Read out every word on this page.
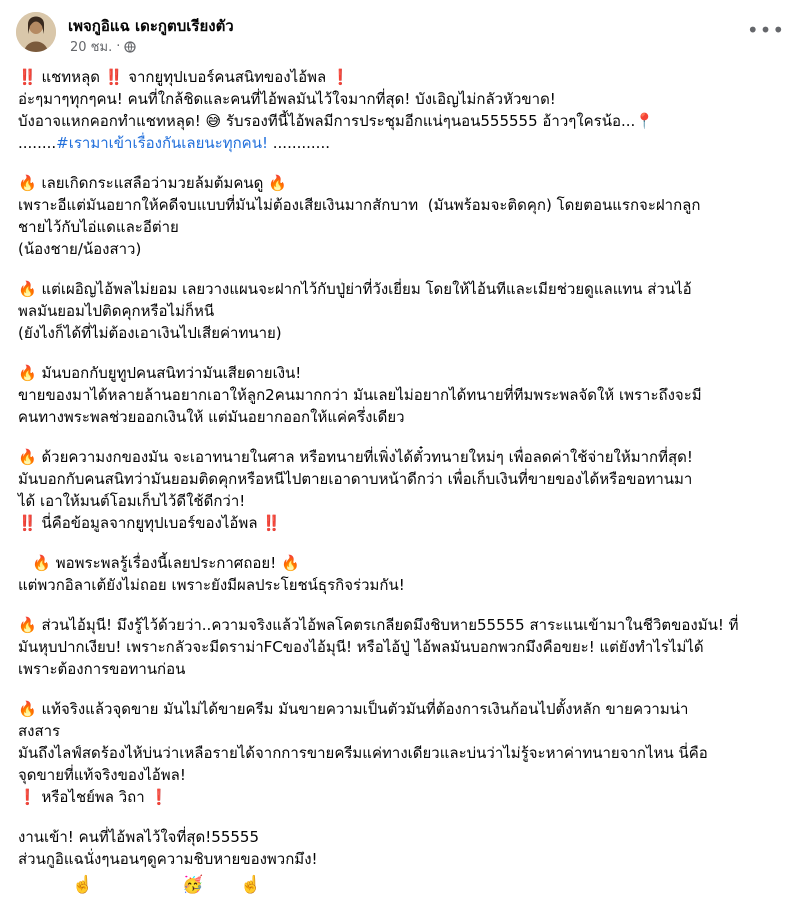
เพจกูอิแฉ เดะกูตบเรียงตัว
20 ชม. ·
•••
‼️ แชทหลุด ‼️ จากยูทุปเบอร์คนสนิทของไอ้พล ❗
อ่ะๆมาๆทุกๆคน! คนที่ใกล้ชิดและคนที่ไอ้พลมันไว้ใจมากที่สุด! บังเอิญไม่กลัวหัวขาด!
บังอาจแหกคอกทำแชทหลุด! 😅 รับรองทีนี้ไอ้พลมีการประชุมอีกแน่ๆนอน555555 อ้าวๆใครน้อ...📍
........#เรามาเข้าเรื่องกันเลยนะทุกคน! ............
🔥 เลยเกิดกระแสลือว่ามวยล้มต้มคนดู 🔥
เพราะอีแต่มันอยากให้คดีจบแบบที่มันไม่ต้องเสียเงินมากสักบาท  (มันพร้อมจะติดคุก) โดยตอนแรกจะฝากลูก
ชายไว้กับไอ่แดและอีต่าย
(น้องชาย/น้องสาว)
🔥 แต่เผอิญไอ้พลไม่ยอม เลยวางแผนจะฝากไว้กับปู่ย่าที่วังเยี่ยม โดยให้ไอ้นทีและเมียช่วยดูแลแทน ส่วนไอ้
พลมันยอมไปติดคุกหรือไม่ก็หนี
(ยังไงก็ได้ที่ไม่ต้องเอาเงินไปเสียค่าทนาย)
🔥 มันบอกกับยูทูปคนสนิทว่ามันเสียดายเงิน!
ขายของมาได้หลายล้านอยากเอาให้ลูก2คนมากกว่า มันเลยไม่อยากได้ทนายที่ทีมพระพลจัดให้ เพราะถึงจะมี
คนทางพระพลช่วยออกเงินให้ แต่มันอยากออกให้แค่ครึ่งเดียว
🔥 ด้วยความงกของมัน จะเอาทนายในศาล หรือทนายที่เพิ่งได้ตั๋วทนายใหม่ๆ เพื่อลดค่าใช้จ่ายให้มากที่สุด!
มันบอกกับคนสนิทว่ามันยอมติดคุกหรือหนีไปตายเอาดาบหน้าดีกว่า เพื่อเก็บเงินที่ขายของได้หรือขอทานมา
ได้ เอาให้มนต์โอมเก็บไว้ดีใช้ดีกว่า!
‼️ นี่คือข้อมูลจากยูทุปเบอร์ของไอ้พล ‼️
🔥 พอพระพลรู้เรื่องนี้เลยประกาศถอย! 🔥
แต่พวกอิลาเต้ยังไม่ถอย เพราะยังมีผลประโยชน์ธุรกิจร่วมกัน!
🔥 ส่วนไอ้มุนี! มึงรู้ไว้ด้วยว่า..ความจริงแล้วไอ้พลโคตรเกลียดมึงชิบหาย55555 สาระแนเข้ามาในชีวิตของมัน! ที่
มันหุบปากเงียบ! เพราะกลัวจะมีดราม่าFCของไอ้มุนี! หรือไอ้ปู่ ไอ้พลมันบอกพวกมึงคือขยะ! แต่ยังทำไรไม่ได้
เพราะต้องการขอทานก่อน
🔥 แท้จริงแล้วจุดขาย มันไม่ได้ขายครีม มันขายความเป็นตัวมันที่ต้องการเงินก้อนไปตั้งหลัก ขายความน่า
สงสาร
มันถึงไลฟ์สดร้องไห้บ่นว่าเหลือรายได้จากการขายครีมแค่ทางเดียวและบ่นว่าไม่รู้จะหาค่าทนายจากไหน นี่คือ
จุดขายที่แท้จริงของไอ้พล!
❗ หรือไชย์พล วิถา ❗
งานเข้า! คนที่ไอ้พลไว้ใจที่สุด!55555
ส่วนกูอิแฉนั่งๆนอนๆดูความชิบหายของพวกมึง!
☝️	🥳 ☝️
